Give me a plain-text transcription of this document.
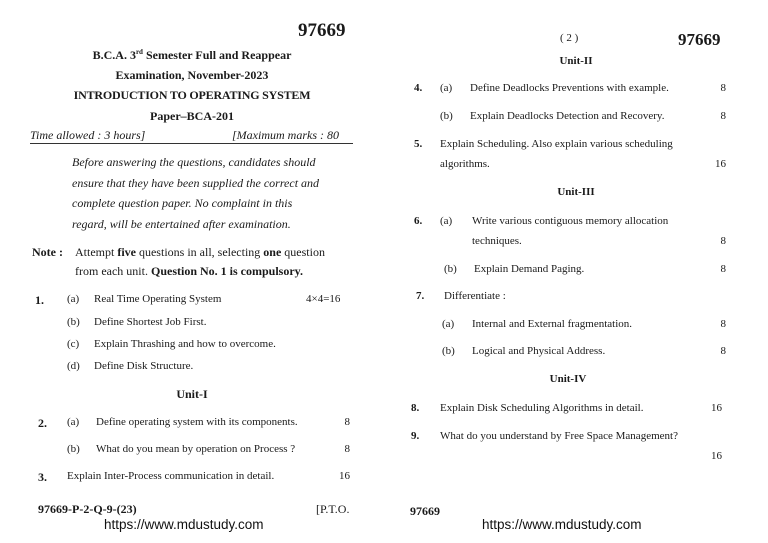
97669
B.C.A. 3rd Semester Full and Reappear
Examination, November-2023
INTRODUCTION TO OPERATING SYSTEM
Paper–BCA-201
Time allowed : 3 hours]	[Maximum marks : 80
Before answering the questions, candidates should
ensure that they have been supplied the correct and
complete question paper. No complaint in this
regard, will be entertained after examination.
Note : Attempt five questions in all, selecting one question
from each unit. Question No. 1 is compulsory.
1. (a) Real Time Operating System	4×4=16
(b) Define Shortest Job First.
(c) Explain Thrashing and how to overcome.
(d) Define Disk Structure.
Unit-I
2. (a) Define operating system with its components.	8
(b) What do you mean by operation on Process ?	8
3. Explain Inter-Process communication in detail.	16
97669-P-2-Q-9-(23)	[P.T.O.
https://www.mdustudy.com
( 2 )	97669
Unit-II
4. (a) Define Deadlocks Preventions with example.	8
(b) Explain Deadlocks Detection and Recovery.	8
5. Explain Scheduling. Also explain various scheduling
algorithms.	16
Unit-III
6. (a) Write various contiguous memory allocation
techniques.	8
(b) Explain Demand Paging.	8
7. Differentiate :
(a) Internal and External fragmentation.	8
(b) Logical and Physical Address.	8
Unit-IV
8. Explain Disk Scheduling Algorithms in detail.	16
9. What do you understand by Free Space Management?
16
97669
https://www.mdustudy.com
